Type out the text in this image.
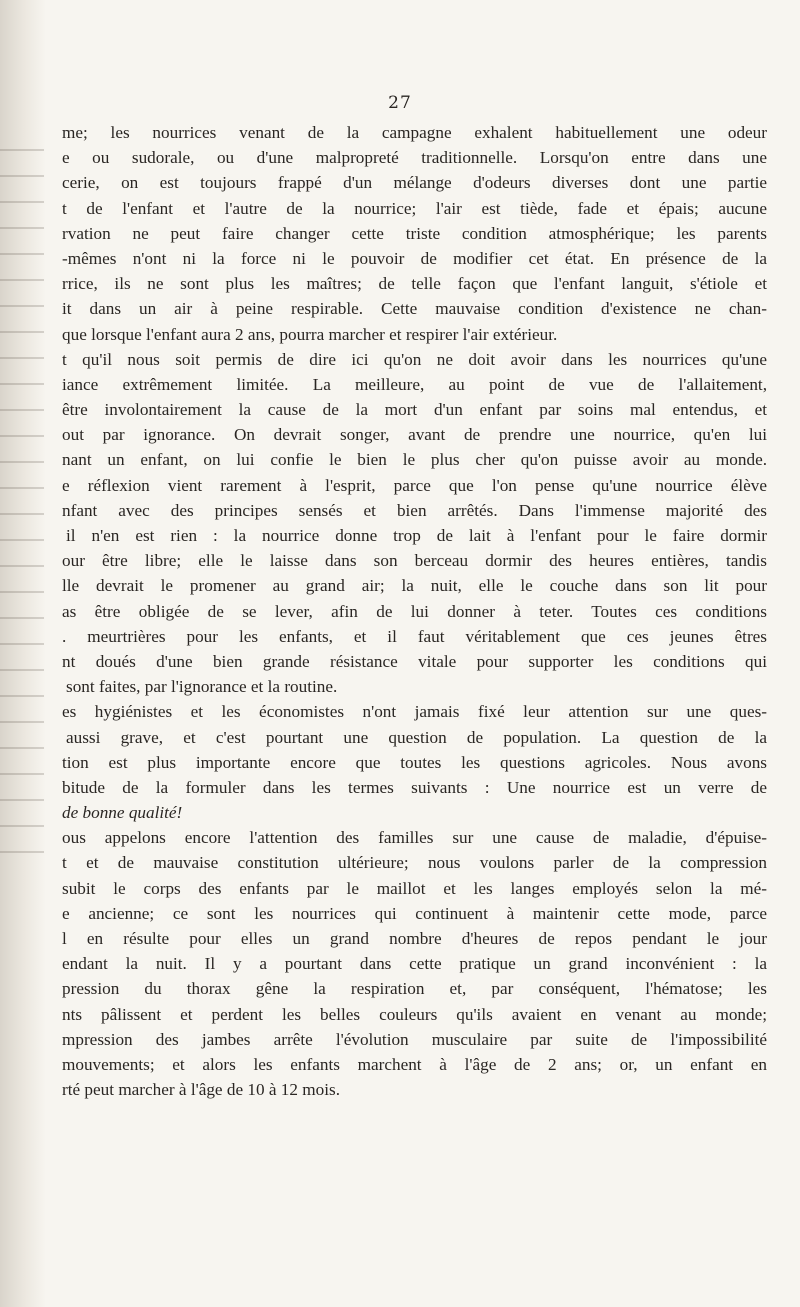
27
me; les nourrices venant de la campagne exhalent habituellement une odeur
e ou sudorale, ou d'une malpropreté traditionnelle. Lorsqu'on entre dans une
cerie, on est toujours frappé d'un mélange d'odeurs diverses dont une partie
t de l'enfant et l'autre de la nourrice; l'air est tiède, fade et épais; aucune
rvation ne peut faire changer cette triste condition atmosphérique; les parents
-mêmes n'ont ni la force ni le pouvoir de modifier cet état. En présence de la
rrice, ils ne sont plus les maîtres; de telle façon que l'enfant languit, s'étiole et
it dans un air à peine respirable. Cette mauvaise condition d'existence ne chan-
que lorsque l'enfant aura 2 ans, pourra marcher et respirer l'air extérieur.
t qu'il nous soit permis de dire ici qu'on ne doit avoir dans les nourrices qu'une
iance extrêmement limitée. La meilleure, au point de vue de l'allaitement,
être involontairement la cause de la mort d'un enfant par soins mal entendus, et
out par ignorance. On devrait songer, avant de prendre une nourrice, qu'en lui
nant un enfant, on lui confie le bien le plus cher qu'on puisse avoir au monde.
e réflexion vient rarement à l'esprit, parce que l'on pense qu'une nourrice élève
nfant avec des principes sensés et bien arrêtés. Dans l'immense majorité des
il n'en est rien : la nourrice donne trop de lait à l'enfant pour le faire dormir
our être libre; elle le laisse dans son berceau dormir des heures entières, tandis
lle devrait le promener au grand air; la nuit, elle le couche dans son lit pour
as être obligée de se lever, afin de lui donner à teter. Toutes ces conditions
. meurtrières pour les enfants, et il faut véritablement que ces jeunes êtres
nt doués d'une bien grande résistance vitale pour supporter les conditions qui
sont faites, par l'ignorance et la routine.
es hygiénistes et les économistes n'ont jamais fixé leur attention sur une ques-
aussi grave, et c'est pourtant une question de population. La question de la
tion est plus importante encore que toutes les questions agricoles. Nous avons
bitude de la formuler dans les termes suivants : Une nourrice est un verre de
de bonne qualité!
ous appelons encore l'attention des familles sur une cause de maladie, d'épuise-
t et de mauvaise constitution ultérieure; nous voulons parler de la compression
subit le corps des enfants par le maillot et les langes employés selon la mé-
e ancienne; ce sont les nourrices qui continuent à maintenir cette mode, parce
l en résulte pour elles un grand nombre d'heures de repos pendant le jour
endant la nuit. Il y a pourtant dans cette pratique un grand inconvénient : la
pression du thorax gêne la respiration et, par conséquent, l'hématose; les
nts pâlissent et perdent les belles couleurs qu'ils avaient en venant au monde;
mpression des jambes arrête l'évolution musculaire par suite de l'impossibilité
mouvements; et alors les enfants marchent à l'âge de 2 ans; or, un enfant en
rté peut marcher à l'âge de 10 à 12 mois.
